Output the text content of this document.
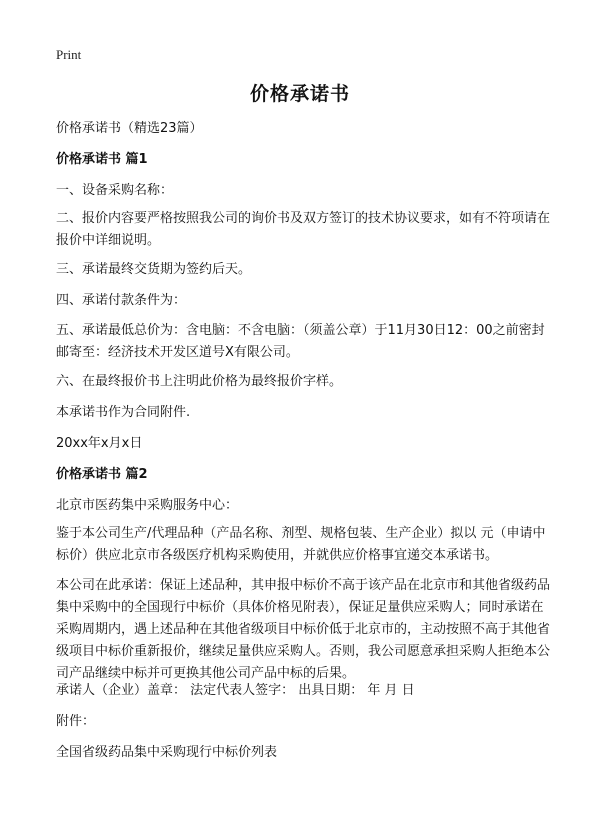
Print
价格承诺书
价格承诺书（精选23篇）
价格承诺书 篇1
一、设备采购名称：
二、报价内容要严格按照我公司的询价书及双方签订的技术协议要求，如有不符项请在报价中详细说明。
三、承诺最终交货期为签约后天。
四、承诺付款条件为：
五、承诺最低总价为：含电脑：不含电脑：（须盖公章）于11月30日12：00之前密封邮寄至：经济技术开发区道号X有限公司。
六、在最终报价书上注明此价格为最终报价字样。
本承诺书作为合同附件.
20xx年x月x日
价格承诺书 篇2
北京市医药集中采购服务中心：
鉴于本公司生产/代理品种（产品名称、剂型、规格包装、生产企业）拟以 元（申请中标价）供应北京市各级医疗机构采购使用，并就供应价格事宜递交本承诺书。
本公司在此承诺：保证上述品种，其申报中标价不高于该产品在北京市和其他省级药品集中采购中的全国现行中标价（具体价格见附表），保证足量供应采购人；同时承诺在采购周期内，遇上述品种在其他省级项目中标价低于北京市的，主动按照不高于其他省级项目中标价重新报价，继续足量供应采购人。否则，我公司愿意承担采购人拒绝本公司产品继续中标并可更换其他公司产品中标的后果。
承诺人（企业）盖章： 法定代表人签字： 出具日期： 年 月 日
附件：
全国省级药品集中采购现行中标价列表
